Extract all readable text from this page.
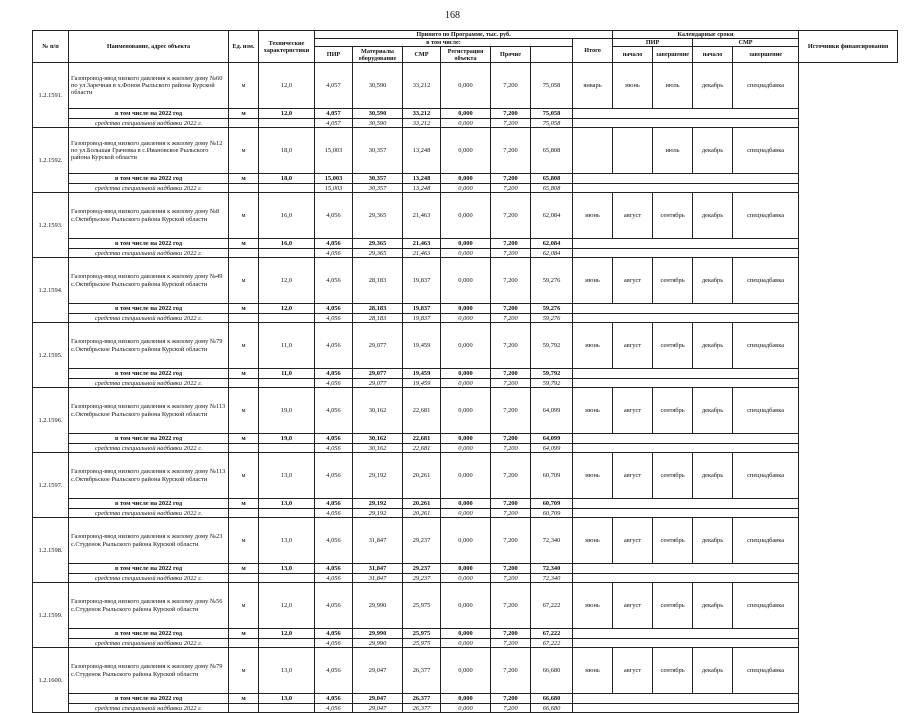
168
№ п/п	Наименование, адрес объекта	Ед. изм.	Технические характеристики	Принято по Программе, тыс. руб.							Календарные сроки				Источники финансирования
				в том числе:						Итого	ПИР		СМР		
				ПИР	Материалы оборудование	СМР	Регистрация объекта	Прочие			начало	завершение	начало	завершение	

1.2.1591.	Газопровод-ввод низкого давления к жилому дому №60 по ул.Заречная в х.Фонов Рыльского района Курской области	м	12,0	4,057	30,590	33,212	0,000	7,200	75,058	январь	июнь	июль	декабрь	спецнадбавка	
	в том числе на 2022 год	м	12,0	4,057	30,590	33,212	0,000	7,200	75,058						
	средства специальной надбавки 2022 г.			4,057	30,590	33,212	0,000	7,200	75,058						
1.2.1592.	Газопровод-ввод низкого давления к жилому дому №12 по ул.Большая Грачевка в с.Ивановское Рыльского района Курской области	м	18,0	15,003	30,357	13,248	0,000	7,200	65,808			июль	декабрь	спецнадбавка	
	в том числе на 2022 год	м	18,0	15,003	30,357	13,248	0,000	7,200	65,808						
	средства специальной надбавки 2022 г.			15,003	30,357	13,248	0,000	7,200	65,808						
1.2.1593.	Газопровод-ввод низкого давления к жилому дому №8 с.Октябрьское Рыльского района Курской области	м	16,0	4,056	29,365	21,463	0,000	7,200	62,084	июнь	август	сентябрь	декабрь	спецнадбавка	
	в том числе на 2022 год	м	16,0	4,056	29,365	21,463	0,000	7,200	62,084						
	средства специальной надбавки 2022 г.			4,056	29,365	21,463	0,000	7,200	62,084						
1.2.1594.	Газопровод-ввод низкого давления к жилому дому №49 с.Октябрьское Рыльского района Курской области	м	12,0	4,056	28,183	19,837	0,000	7,200	59,276	июнь	август	сентябрь	декабрь	спецнадбавка	
	в том числе на 2022 год	м	12,0	4,056	28,183	19,837	0,000	7,200	59,276						
	средства специальной надбавки 2022 г.			4,056	28,183	19,837	0,000	7,200	59,276						
1.2.1595.	Газопровод-ввод низкого давления к жилому дому №79 с.Октябрьское Рыльского района Курской области	м	11,0	4,056	29,077	19,459	0,000	7,200	59,792	июнь	август	сентябрь	декабрь	спецнадбавка	
	в том числе на 2022 год	м	11,0	4,056	29,077	19,459	0,000	7,200	59,792						
	средства специальной надбавки 2022 г.			4,056	29,077	19,459	0,000	7,200	59,792						
1.2.1596.	Газопровод-ввод низкого давления к жилому дому №113 с.Октябрьское Рыльского района Курской области	м	19,0	4,056	30,162	22,681	0,000	7,200	64,099	июнь	август	сентябрь	декабрь	спецнадбавка	
	в том числе на 2022 год	м	19,0	4,056	30,162	22,681	0,000	7,200	64,099						
	средства специальной надбавки 2022 г.			4,056	30,162	22,681	0,000	7,200	64,099						
1.2.1597.	Газопровод-ввод низкого давления к жилому дому №113 с.Октябрьское Рыльского района Курской области	м	13,0	4,056	29,192	20,261	0,000	7,200	60,709	июнь	август	сентябрь	декабрь	спецнадбавка	
	в том числе на 2022 год	м	13,0	4,056	29,192	20,261	0,000	7,200	60,709						
	средства специальной надбавки 2022 г.			4,056	29,192	20,261	0,000	7,200	60,709						
1.2.1598.	Газопровод-ввод низкого давления к жилому дому №23 с.Студенок Рыльского района Курской области	м	13,0	4,056	31,847	29,237	0,000	7,200	72,340	июнь	август	сентябрь	декабрь	спецнадбавка	
	в том числе на 2022 год	м	13,0	4,056	31,847	29,237	0,000	7,200	72,340						
	средства специальной надбавки 2022 г.			4,056	31,847	29,237	0,000	7,200	72,340						
1.2.1599.	Газопровод-ввод низкого давления к жилому дому №56 с.Студенок Рыльского района Курской области	м	12,0	4,056	29,990	25,975	0,000	7,200	67,222	июнь	август	сентябрь	декабрь	спецнадбавка	
	в том числе на 2022 год	м	12,0	4,056	29,990	25,975	0,000	7,200	67,222						
	средства специальной надбавки 2022 г.			4,056	29,990	25,975	0,000	7,200	67,222						
1.2.1600.	Газопровод-ввод низкого давления к жилому дому №79 с.Студенок Рыльского района Курской области	м	13,0	4,056	29,047	26,377	0,000	7,200	66,680	июнь	август	сентябрь	декабрь	спецнадбавка	
	в том числе на 2022 год	м	13,0	4,056	29,047	26,377	0,000	7,200	66,680						
	средства специальной надбавки 2022 г.			4,056	29,047	26,377	0,000	7,200	66,680						
